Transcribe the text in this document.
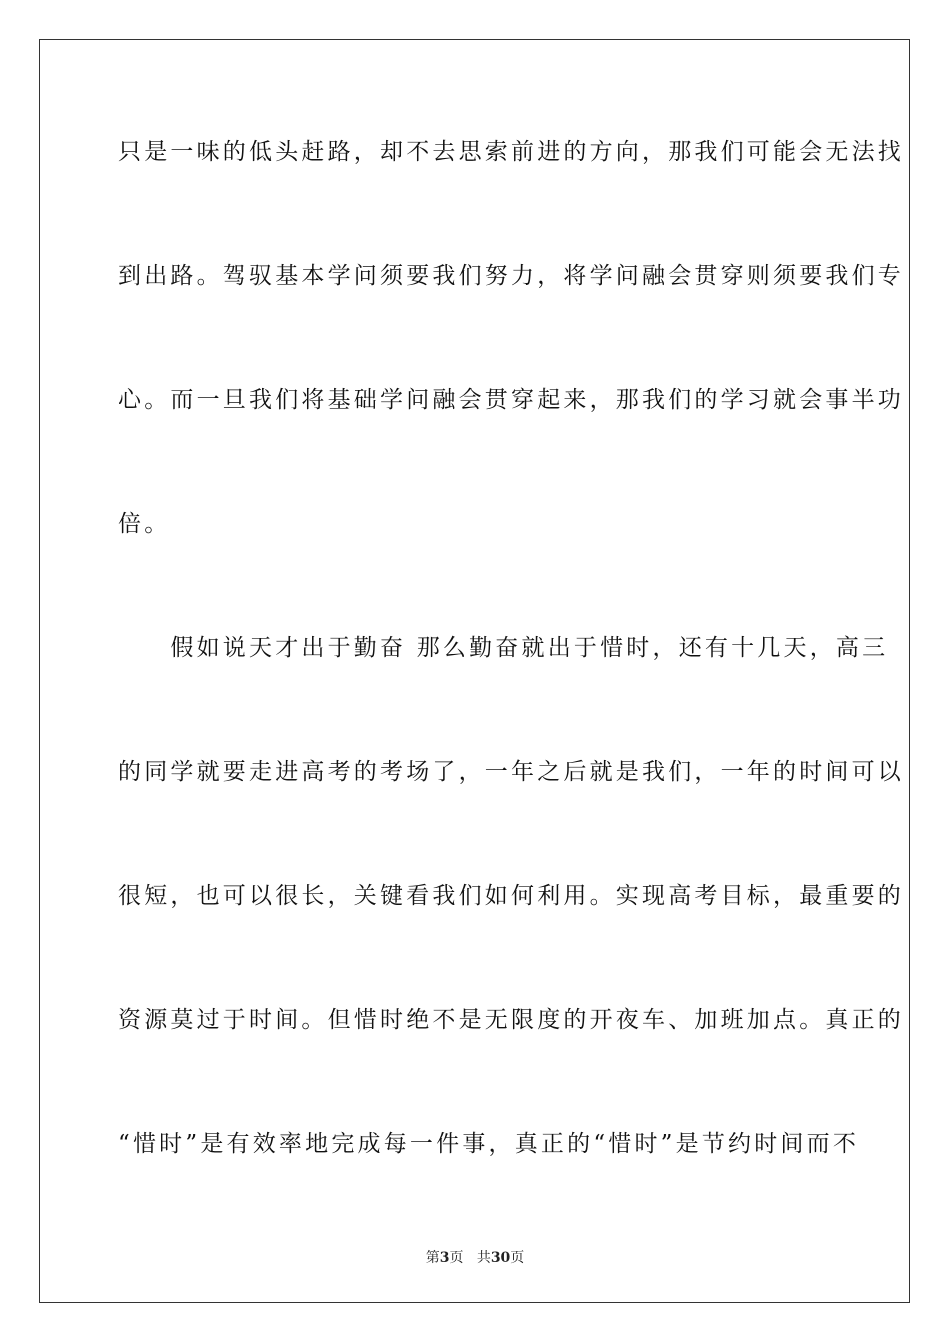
只是一味的低头赶路，却不去思索前进的方向，那我们可能会无法找
到出路。驾驭基本学问须要我们努力，将学问融会贯穿则须要我们专
心。而一旦我们将基础学问融会贯穿起来，那我们的学习就会事半功
倍。
　　假如说天才出于勤奋 那么勤奋就出于惜时，还有十几天，高三
的同学就要走进高考的考场了，一年之后就是我们，一年的时间可以
很短，也可以很长，关键看我们如何利用。实现高考目标，最重要的
资源莫过于时间。但惜时绝不是无限度的开夜车、加班加点。真正的
“惜时”是有效率地完成每一件事，真正的“惜时”是节约时间而不
第3页 共30页
